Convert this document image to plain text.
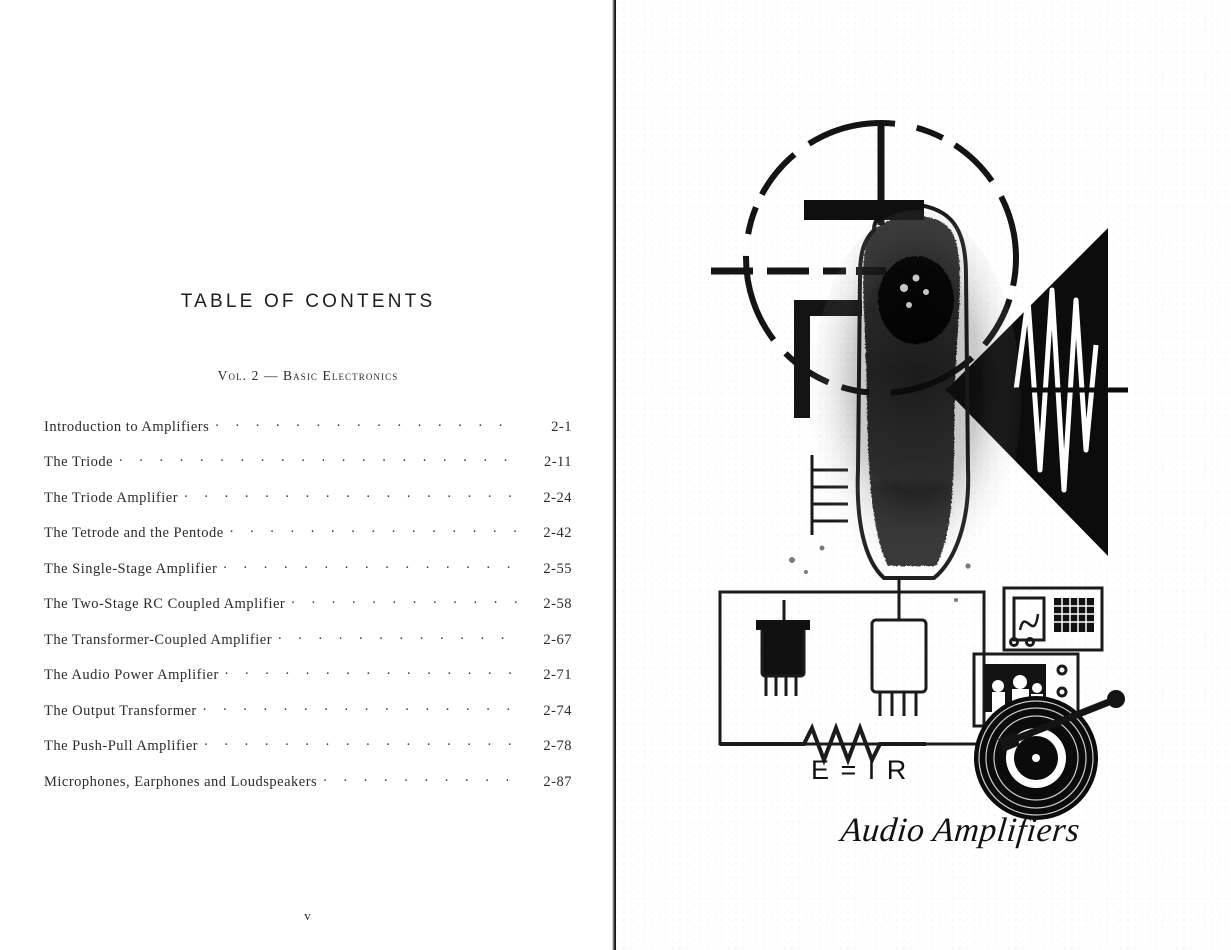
TABLE OF CONTENTS
Vol. 2 — Basic Electronics
Introduction to Amplifiers . . .	2-1
The Triode . . .	2-11
The Triode Amplifier . . .	2-24
The Tetrode and the Pentode . . .	2-42
The Single-Stage Amplifier . . .	2-55
The Two-Stage RC Coupled Amplifier . . .	2-58
The Transformer-Coupled Amplifier . . .	2-67
The Audio Power Amplifier . . .	2-71
The Output Transformer . . .	2-74
The Push-Pull Amplifier . . .	2-78
Microphones, Earphones and Loudspeakers . . .	2-87
v
E = I R
Audio Amplifiers
